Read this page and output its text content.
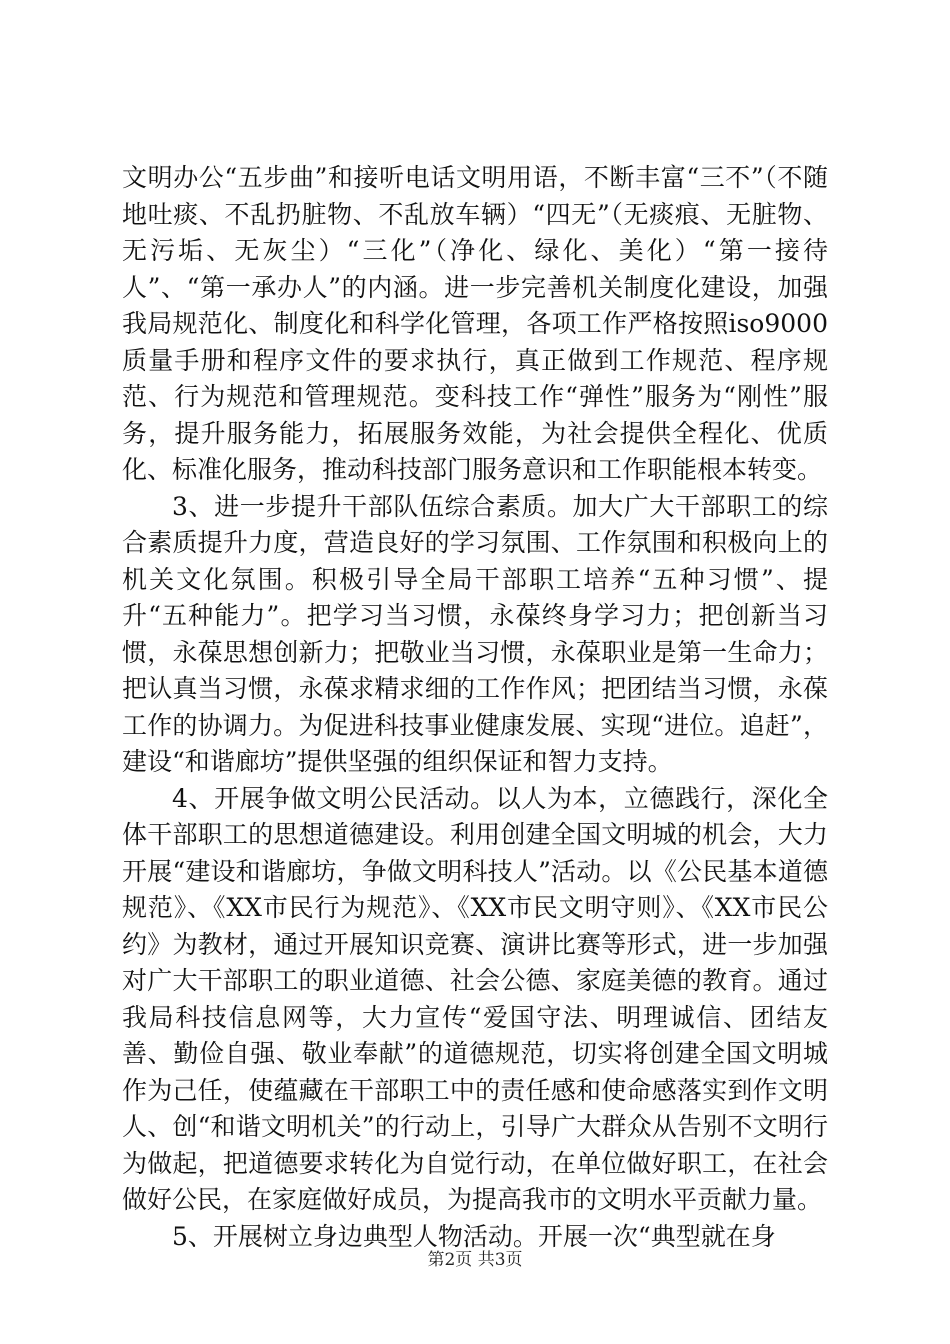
文明办公“五步曲”和接听电话文明用语，不断丰富“三不”（不随地吐痰、不乱扔脏物、不乱放车辆）“四无”（无痰痕、无脏物、无污垢、无灰尘）“三化”（净化、绿化、美化）“第一接待人”、“第一承办人”的内涵。进一步完善机关制度化建设，加强我局规范化、制度化和科学化管理，各项工作严格按照iso9000质量手册和程序文件的要求执行，真正做到工作规范、程序规范、行为规范和管理规范。变科技工作“弹性”服务为“刚性”服务，提升服务能力，拓展服务效能，为社会提供全程化、优质化、标准化服务，推动科技部门服务意识和工作职能根本转变。

3、进一步提升干部队伍综合素质。加大广大干部职工的综合素质提升力度，营造良好的学习氛围、工作氛围和积极向上的机关文化氛围。积极引导全局干部职工培养“五种习惯”、提升“五种能力”。把学习当习惯，永葆终身学习力；把创新当习惯，永葆思想创新力；把敬业当习惯，永葆职业是第一生命力；把认真当习惯，永葆求精求细的工作作风；把团结当习惯，永葆工作的协调力。为促进科技事业健康发展、实现“进位。追赶”，建设“和谐廊坊”提供坚强的组织保证和智力支持。

4、开展争做文明公民活动。以人为本，立德践行，深化全体干部职工的思想道德建设。利用创建全国文明城的机会，大力开展“建设和谐廊坊，争做文明科技人”活动。以《公民基本道德规范》、《XX市民行为规范》、《XX市民文明守则》、《XX市民公约》为教材，通过开展知识竞赛、演讲比赛等形式，进一步加强对广大干部职工的职业道德、社会公德、家庭美德的教育。通过我局科技信息网等，大力宣传“爱国守法、明理诚信、团结友善、勤俭自强、敬业奉献”的道德规范，切实将创建全国文明城作为己任，使蕴藏在干部职工中的责任感和使命感落实到作文明人、创“和谐文明机关”的行动上，引导广大群众从告别不文明行为做起，把道德要求转化为自觉行动，在单位做好职工，在社会做好公民，在家庭做好成员，为提高我市的文明水平贡献力量。

5、开展树立身边典型人物活动。开展一次“典型就在身

第2页 共3页
